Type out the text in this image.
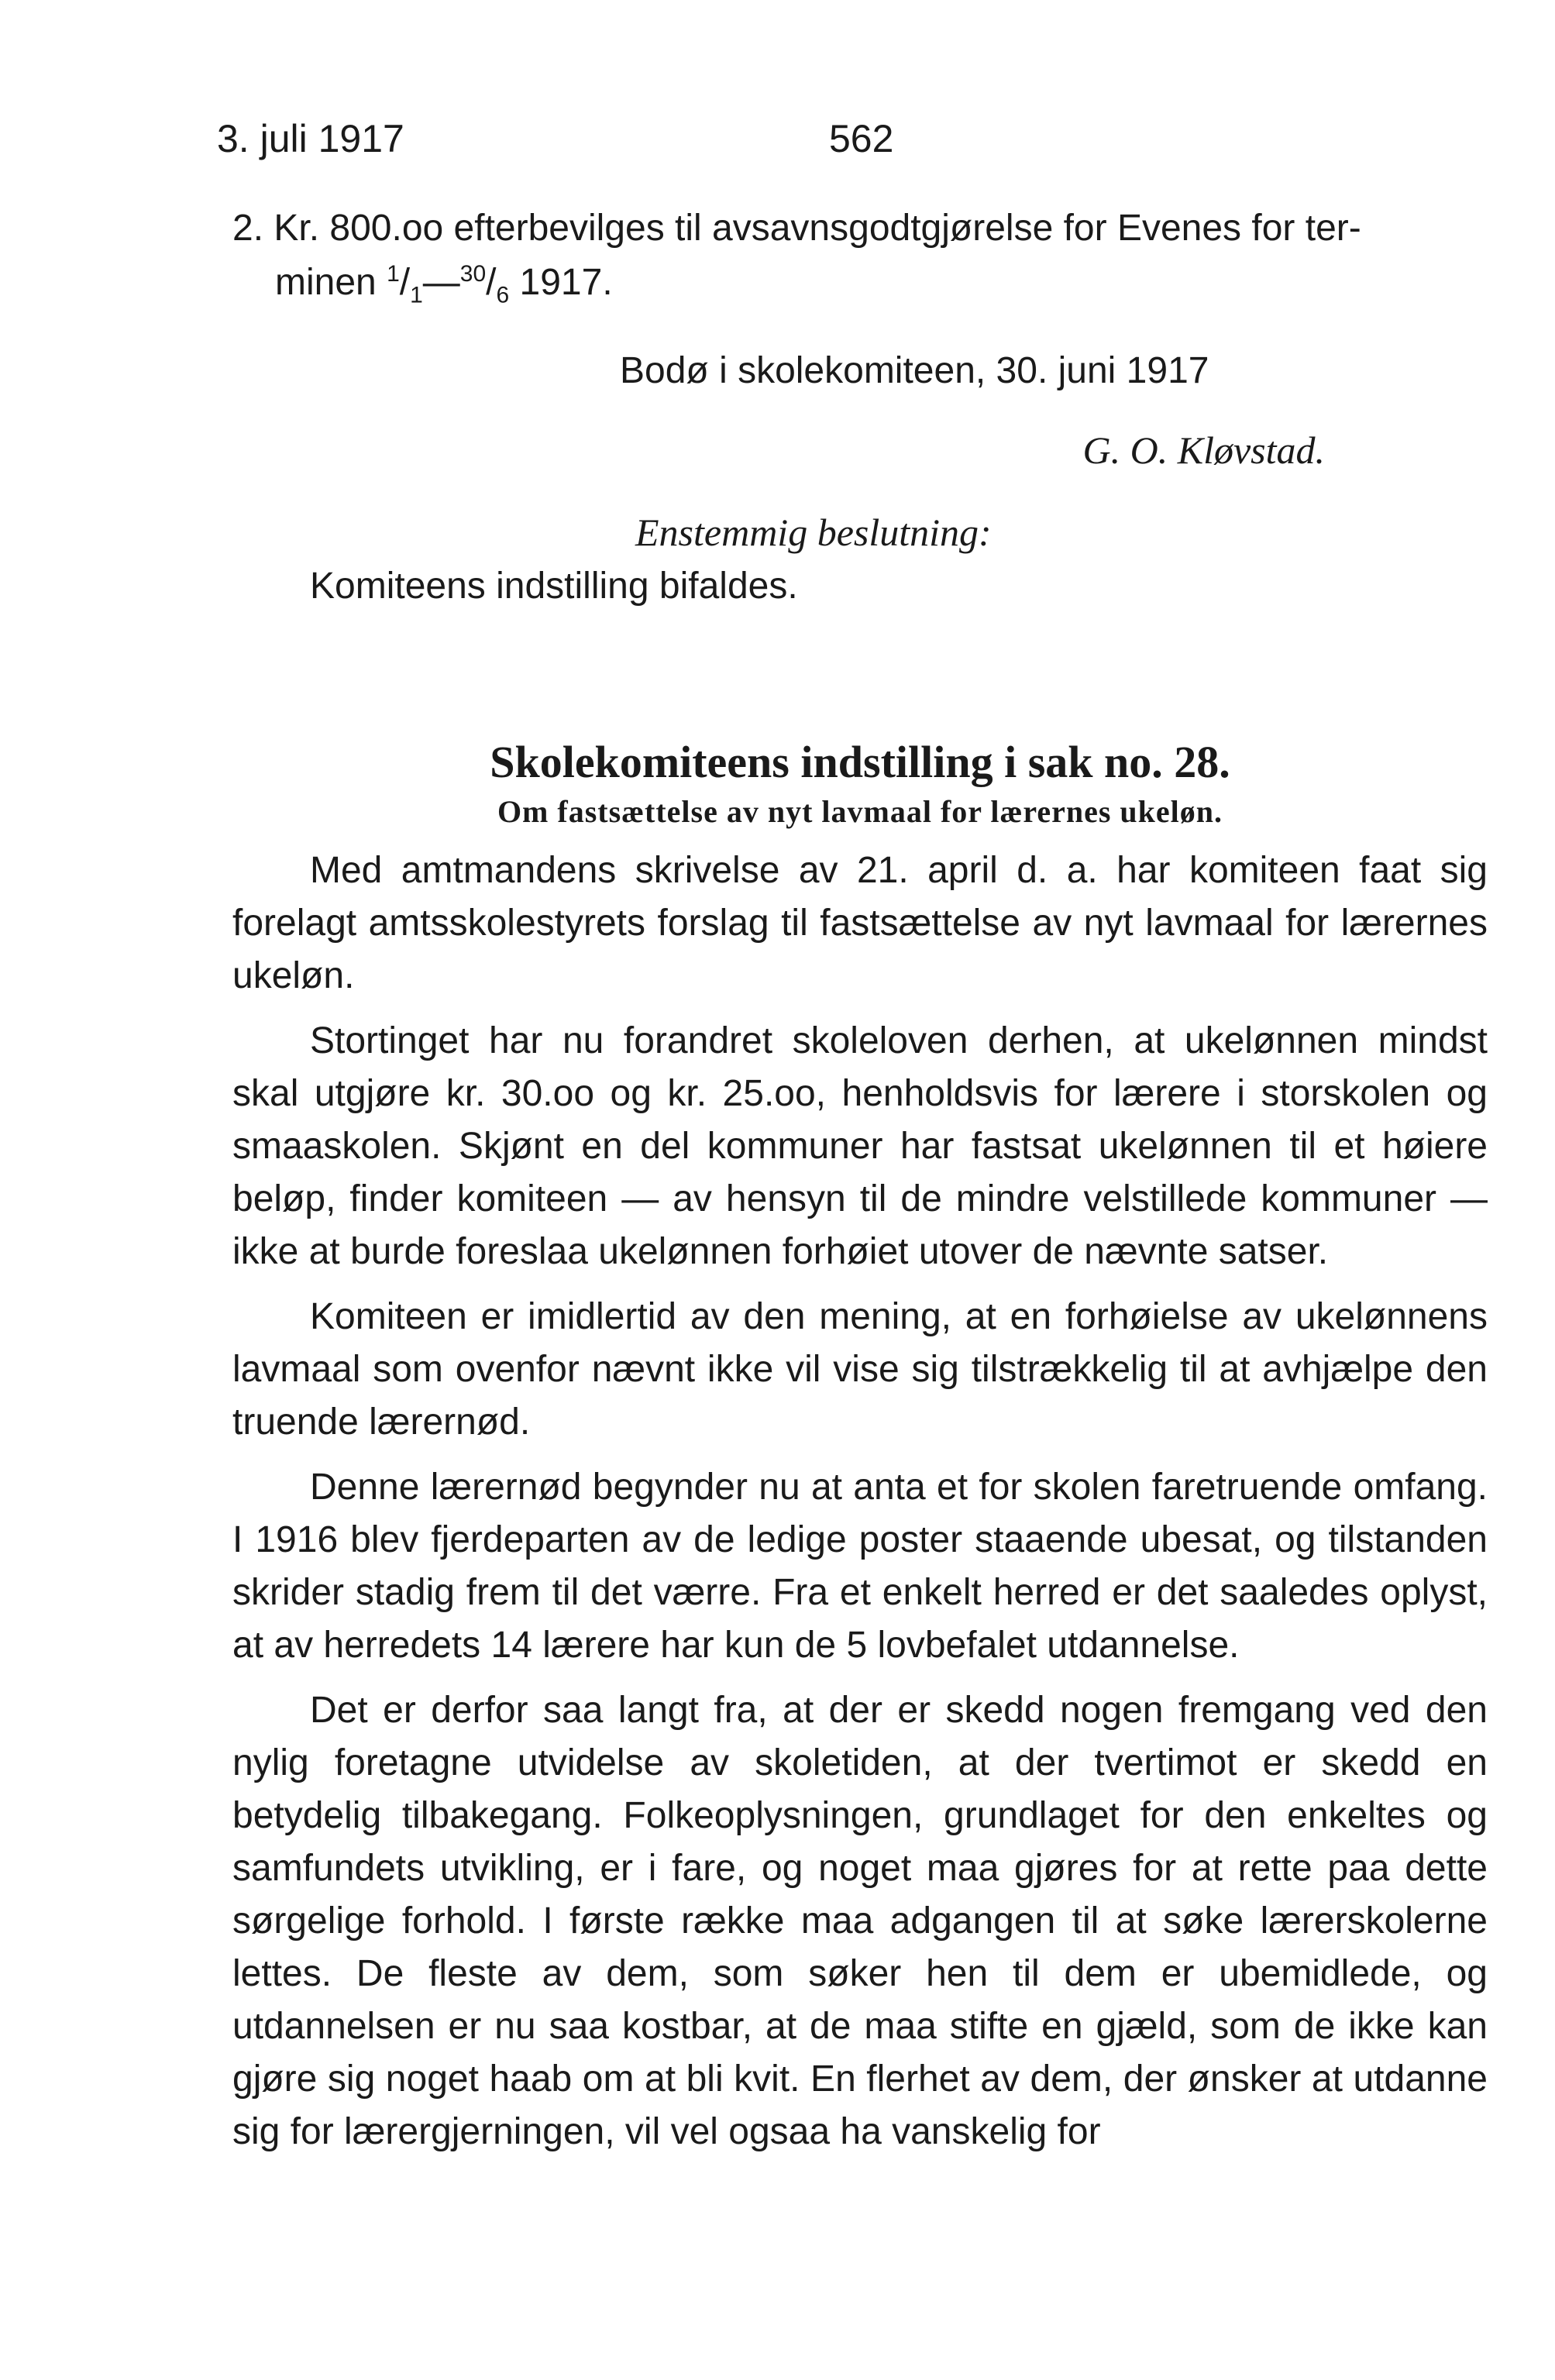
3. juli 1917	562
2. Kr. 800.oo efterbevilges til avsavnsgodtgjørelse for Evenes for ter-
minen $^1/_1—^{30}/_6$ 1917.
Bodø i skolekomiteen, 30. juni 1917
G. O. Kløvstad.
Enstemmig beslutning:
Komiteens indstilling bifaldes.
Skolekomiteens indstilling i sak no. 28.
Om fastsættelse av nyt lavmaal for lærernes ukeløn.

Med amtmandens skrivelse av 21. april d. a. har komiteen faat sig forelagt amtsskolestyrets forslag til fastsættelse av nyt lavmaal for lærernes ukeløn.

Stortinget har nu forandret skoleloven derhen, at ukelønnen mindst skal utgjøre kr. 30.oo og kr. 25.oo, henholdsvis for lærere i storskolen og smaaskolen. Skjønt en del kommuner har fastsat ukelønnen til et høiere beløp, finder komiteen — av hensyn til de mindre velstillede kommuner — ikke at burde foreslaa ukelønnen forhøiet utover de nævnte satser.

Komiteen er imidlertid av den mening, at en forhøielse av ukelønnens lavmaal som ovenfor nævnt ikke vil vise sig tilstrækkelig til at avhjælpe den truende lærernød.

Denne lærernød begynder nu at anta et for skolen faretruende omfang. I 1916 blev fjerdeparten av de ledige poster staaende ubesat, og tilstanden skrider stadig frem til det værre. Fra et enkelt herred er det saaledes oplyst, at av herredets 14 lærere har kun de 5 lovbefalet utdannelse.

Det er derfor saa langt fra, at der er skedd nogen fremgang ved den nylig foretagne utvidelse av skoletiden, at der tvertimot er skedd en betydelig tilbakegang. Folkeoplysningen, grundlaget for den enkeltes og samfundets utvikling, er i fare, og noget maa gjøres for at rette paa dette sørgelige forhold. I første række maa adgangen til at søke lærerskolerne lettes. De fleste av dem, som søker hen til dem er ubemidlede, og utdannelsen er nu saa kostbar, at de maa stifte en gjæld, som de ikke kan gjøre sig noget haab om at bli kvit. En flerhet av dem, der ønsker at utdanne sig for lærergjerningen, vil vel ogsaa ha vanskelig for
